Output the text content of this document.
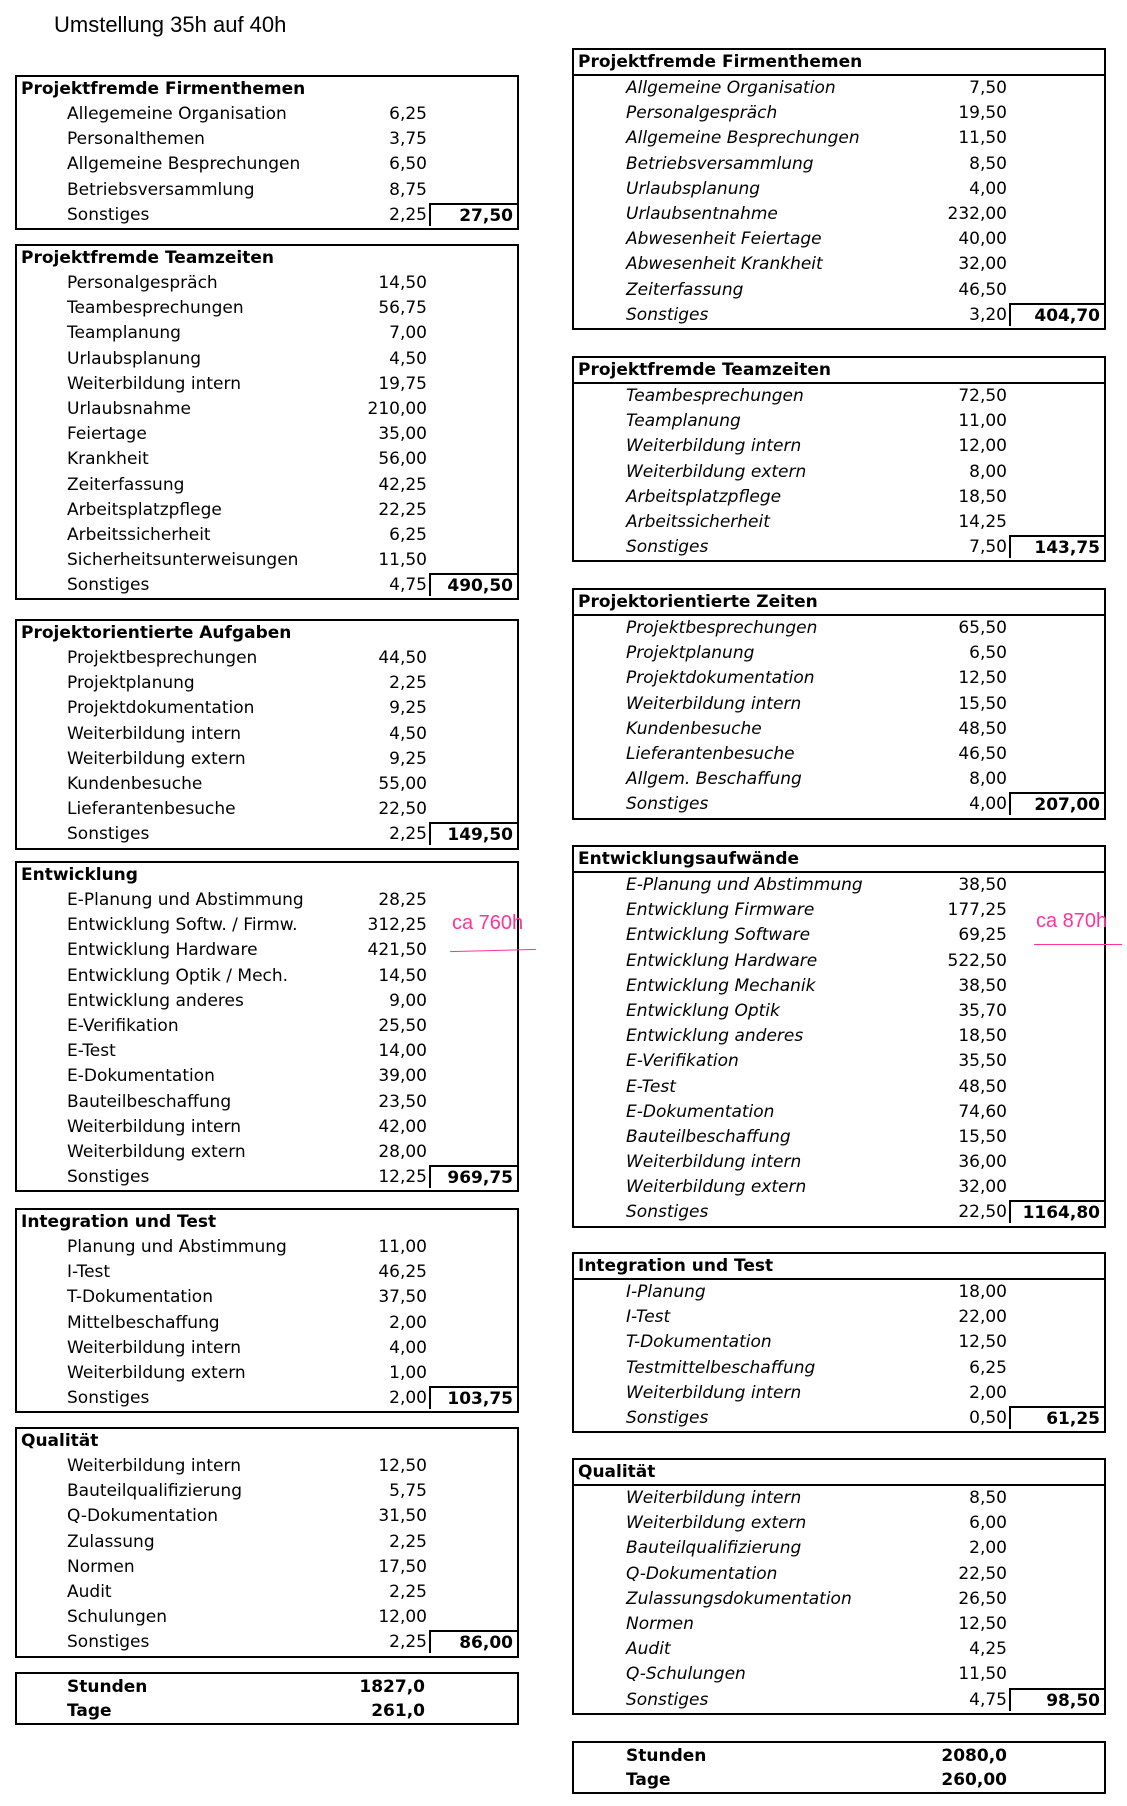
Umstellung 35h auf 40h
Projektfremde Firmenthemen
Allegemeine Organisation	6,25
Personalthemen	3,75
Allgemeine Besprechungen	6,50
Betriebsversammlung	8,75
Sonstiges	2,25	27,50
Projektfremde Teamzeiten
Personalgespräch	14,50
Teambesprechungen	56,75
Teamplanung	7,00
Urlaubsplanung	4,50
Weiterbildung intern	19,75
Urlaubsnahme	210,00
Feiertage	35,00
Krankheit	56,00
Zeiterfassung	42,25
Arbeitsplatzpflege	22,25
Arbeitssicherheit	6,25
Sicherheitsunterweisungen	11,50
Sonstiges	4,75	490,50
Projektorientierte Aufgaben
Projektbesprechungen	44,50
Projektplanung	2,25
Projektdokumentation	9,25
Weiterbildung intern	4,50
Weiterbildung extern	9,25
Kundenbesuche	55,00
Lieferantenbesuche	22,50
Sonstiges	2,25	149,50
Entwicklung
E-Planung und Abstimmung	28,25
Entwicklung Softw. / Firmw.	312,25
Entwicklung Hardware	421,50
Entwicklung Optik / Mech.	14,50
Entwicklung anderes	9,00
E-Verifikation	25,50
E-Test	14,00
E-Dokumentation	39,00
Bauteilbeschaffung	23,50
Weiterbildung intern	42,00
Weiterbildung extern	28,00
Sonstiges	12,25	969,75
Integration und Test
Planung und Abstimmung	11,00
I-Test	46,25
T-Dokumentation	37,50
Mittelbeschaffung	2,00
Weiterbildung intern	4,00
Weiterbildung extern	1,00
Sonstiges	2,00	103,75
Qualität
Weiterbildung intern	12,50
Bauteilqualifizierung	5,75
Q-Dokumentation	31,50
Zulassung	2,25
Normen	17,50
Audit	2,25
Schulungen	12,00
Sonstiges	2,25	86,00
Stunden	1827,0
Tage	261,0
Projektfremde Firmenthemen
Allgemeine Organisation	7,50
Personalgespräch	19,50
Allgemeine Besprechungen	11,50
Betriebsversammlung	8,50
Urlaubsplanung	4,00
Urlaubsentnahme	232,00
Abwesenheit Feiertage	40,00
Abwesenheit Krankheit	32,00
Zeiterfassung	46,50
Sonstiges	3,20	404,70
Projektfremde Teamzeiten
Teambesprechungen	72,50
Teamplanung	11,00
Weiterbildung intern	12,00
Weiterbildung extern	8,00
Arbeitsplatzpflege	18,50
Arbeitssicherheit	14,25
Sonstiges	7,50	143,75
Projektorientierte Zeiten
Projektbesprechungen	65,50
Projektplanung	6,50
Projektdokumentation	12,50
Weiterbildung intern	15,50
Kundenbesuche	48,50
Lieferantenbesuche	46,50
Allgem. Beschaffung	8,00
Sonstiges	4,00	207,00
Entwicklungsaufwände
E-Planung und Abstimmung	38,50
Entwicklung Firmware	177,25
Entwicklung Software	69,25
Entwicklung Hardware	522,50
Entwicklung Mechanik	38,50
Entwicklung Optik	35,70
Entwicklung anderes	18,50
E-Verifikation	35,50
E-Test	48,50
E-Dokumentation	74,60
Bauteilbeschaffung	15,50
Weiterbildung intern	36,00
Weiterbildung extern	32,00
Sonstiges	22,50 1164,80
Integration und Test
I-Planung	18,00
I-Test	22,00
T-Dokumentation	12,50
Testmittelbeschaffung	6,25
Weiterbildung intern	2,00
Sonstiges	0,50	61,25
Qualität
Weiterbildung intern	8,50
Weiterbildung extern	6,00
Bauteilqualifizierung	2,00
Q-Dokumentation	22,50
Zulassungsdokumentation	26,50
Normen	12,50
Audit	4,25
Q-Schulungen	11,50
Sonstiges	4,75	98,50
Stunden	2080,0
Tage	260,00
ca 760h	ca 870h
